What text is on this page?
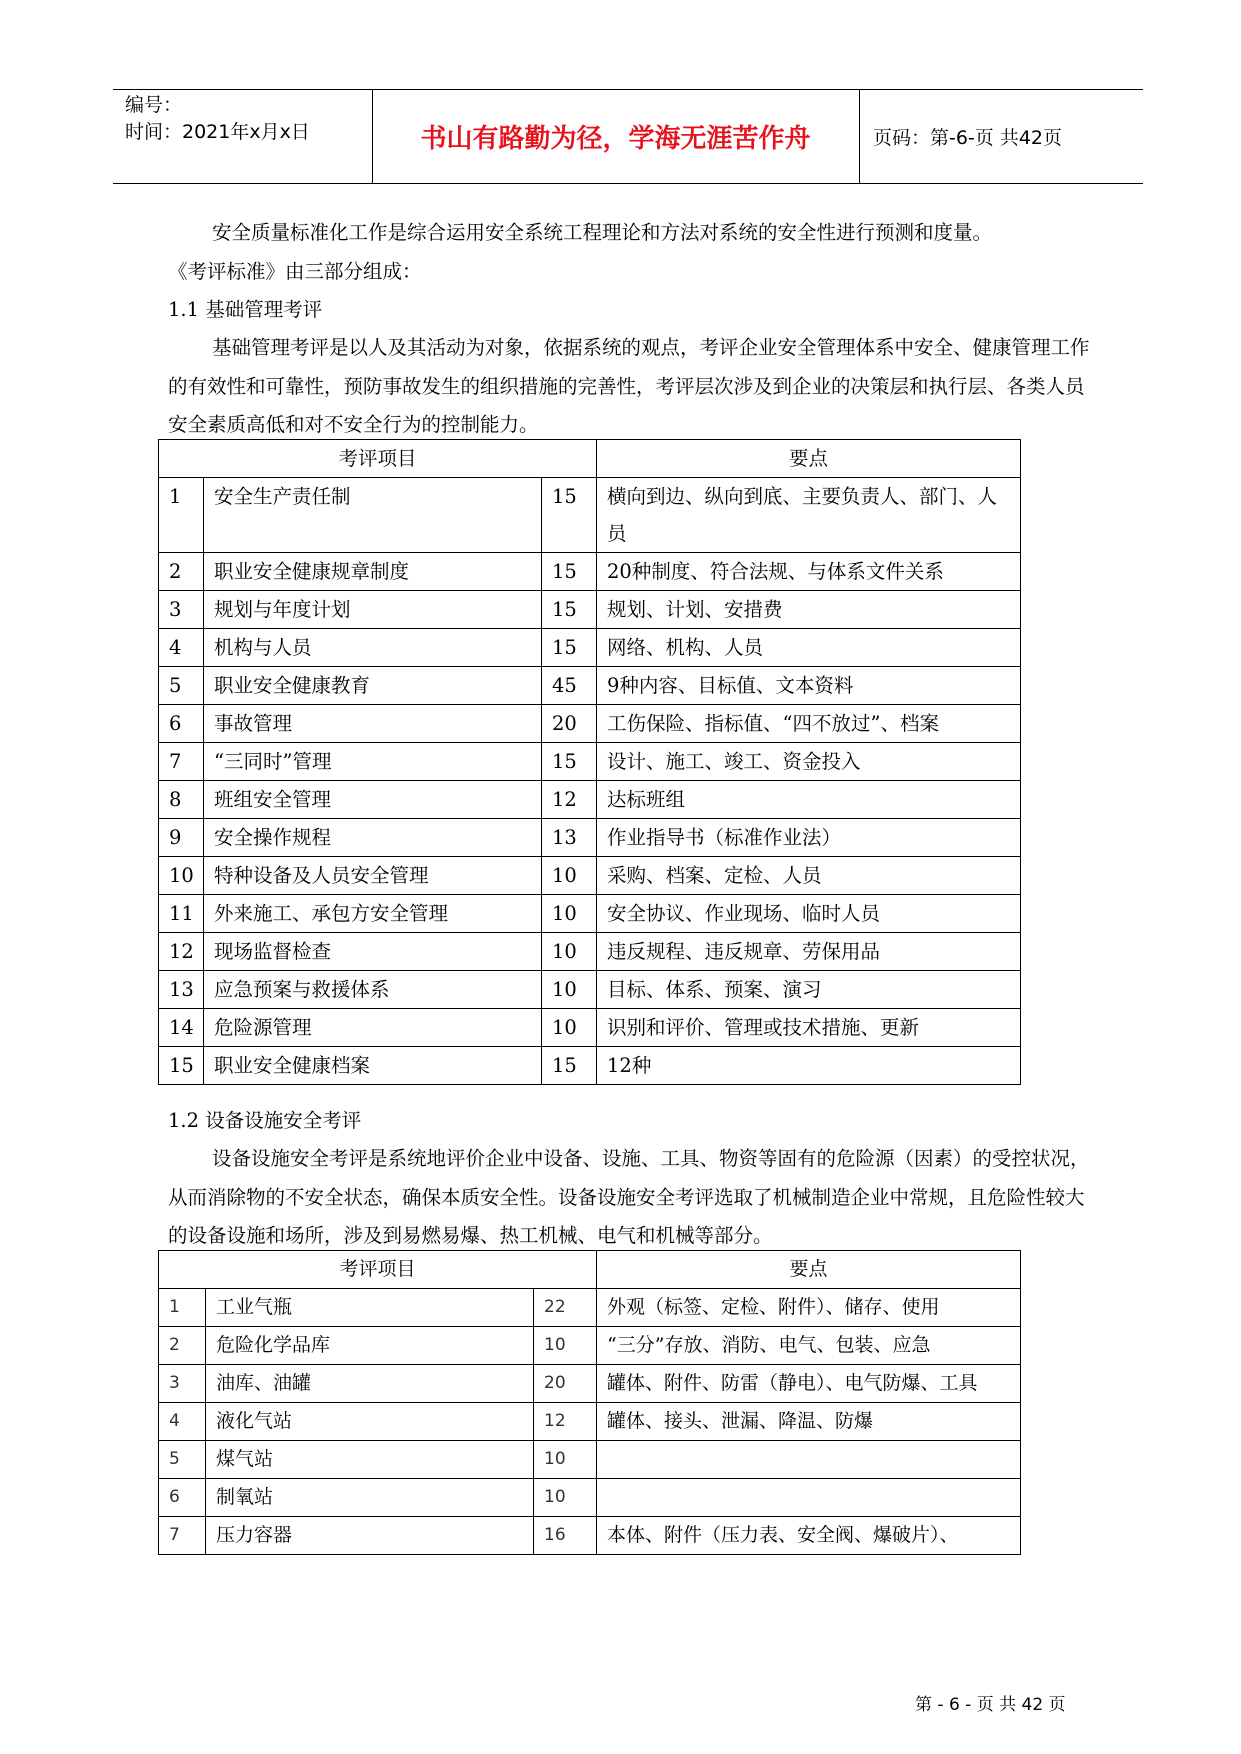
编号：
时间：2021年x月x日	书山有路勤为径，学海无涯苦作舟	页码：第-6-页 共42页

安全质量标准化工作是综合运用安全系统工程理论和方法对系统的安全性进行预测和度量。

《考评标准》由三部分组成：

1.1 基础管理考评

基础管理考评是以人及其活动为对象，依据系统的观点，考评企业安全管理体系中安全、健康管理工作的有效性和可靠性，预防事故发生的组织措施的完善性，考评层次涉及到企业的决策层和执行层、各类人员安全素质高低和对不安全行为的控制能力。

考评项目			要点
1	安全生产责任制	15	横向到边、纵向到底、主要负责人、部门、人员
2	职业安全健康规章制度	15	20种制度、符合法规、与体系文件关系
3	规划与年度计划	15	规划、计划、安措费
4	机构与人员	15	网络、机构、人员
5	职业安全健康教育	45	9种内容、目标值、文本资料
6	事故管理	20	工伤保险、指标值、“四不放过”、档案
7	“三同时”管理	15	设计、施工、竣工、资金投入
8	班组安全管理	12	达标班组
9	安全操作规程	13	作业指导书（标准作业法）
10	特种设备及人员安全管理	10	采购、档案、定检、人员
11	外来施工、承包方安全管理	10	安全协议、作业现场、临时人员
12	现场监督检查	10	违反规程、违反规章、劳保用品
13	应急预案与救援体系	10	目标、体系、预案、演习
14	危险源管理	10	识别和评价、管理或技术措施、更新
15	职业安全健康档案	15	12种

1.2 设备设施安全考评

设备设施安全考评是系统地评价企业中设备、设施、工具、物资等固有的危险源（因素）的受控状况，从而消除物的不安全状态，确保本质安全性。设备设施安全考评选取了机械制造企业中常规，且危险性较大的设备设施和场所，涉及到易燃易爆、热工机械、电气和机械等部分。

考评项目			要点
1	工业气瓶	22	外观（标签、定检、附件）、储存、使用
2	危险化学品库	10	“三分”存放、消防、电气、包装、应急
3	油库、油罐	20	罐体、附件、防雷（静电）、电气防爆、工具
4	液化气站	12	罐体、接头、泄漏、降温、防爆
5	煤气站	10	
6	制氧站	10	
7	压力容器	16	本体、附件（压力表、安全阀、爆破片）、
第 - 6 - 页 共 42 页
